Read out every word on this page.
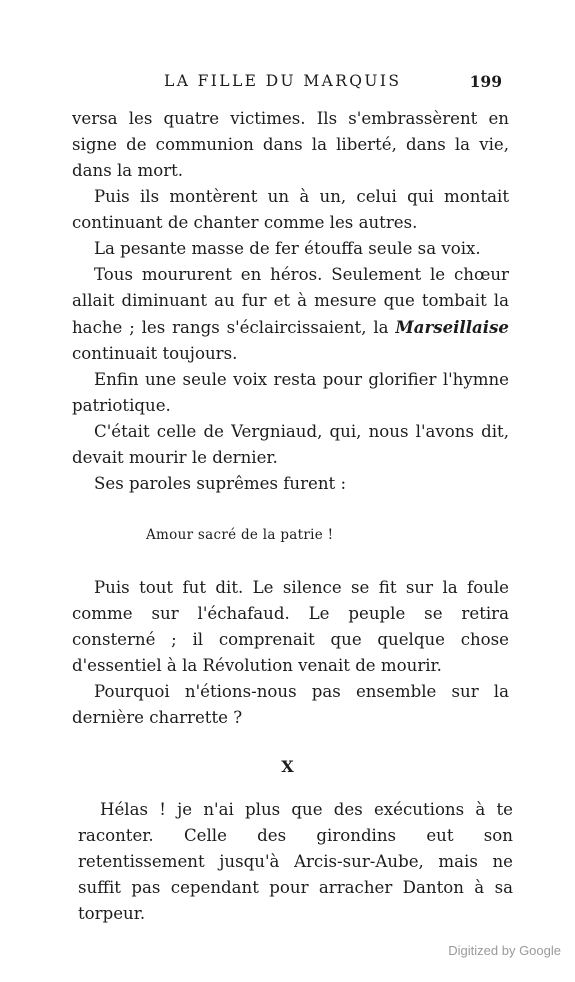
LA FILLE DU MARQUIS	199

versa les quatre victimes. Ils s'embrassèrent en signe de communion dans la liberté, dans la vie, dans la mort.

Puis ils montèrent un à un, celui qui montait continuant de chanter comme les autres.

La pesante masse de fer étouffa seule sa voix.

Tous moururent en héros. Seulement le chœur allait diminuant au fur et à mesure que tombait la hache ; les rangs s'éclaircissaient, la Marseillaise continuait toujours.

Enfin une seule voix resta pour glorifier l'hymne patriotique.

C'était celle de Vergniaud, qui, nous l'avons dit, devait mourir le dernier.

Ses paroles suprêmes furent :

Amour sacré de la patrie !

Puis tout fut dit. Le silence se fit sur la foule comme sur l'échafaud. Le peuple se retira consterné ; il comprenait que quelque chose d'essentiel à la Révolution venait de mourir.

Pourquoi n'étions-nous pas ensemble sur la dernière charrette ?

X

Hélas ! je n'ai plus que des exécutions à te raconter. Celle des girondins eut son retentissement jusqu'à Arcis-sur-Aube, mais ne suffit pas cependant pour arracher Danton à sa torpeur.

Digitized by Google
